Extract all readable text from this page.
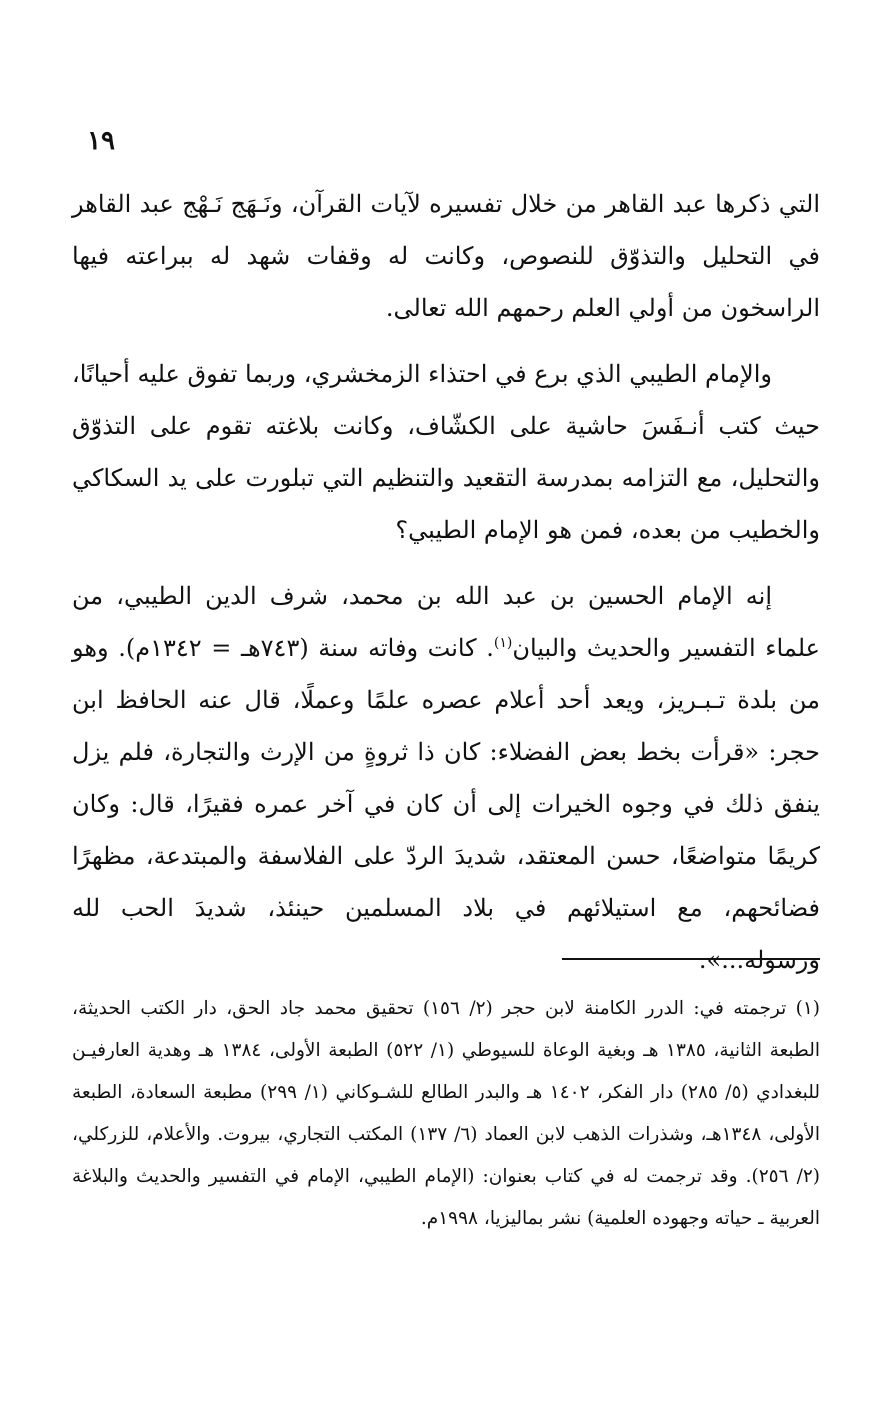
١٩

التي ذكرها عبد القاهر من خلال تفسيره لآيات القرآن، ونَـهَج نَـهْج عبد القاهر في التحليل والتذوّق للنصوص، وكانت له وقفات شهد له ببراعته فيها الراسخون من أولي العلم رحمهم الله تعالى.

والإمام الطيبي الذي برع في احتذاء الزمخشري، وربما تفوق عليه أحيانًا، حيث كتب أنـفَسَ حاشية على الكشّاف، وكانت بلاغته تقوم على التذوّق والتحليل، مع التزامه بمدرسة التقعيد والتنظيم التي تبلورت على يد السكاكي والخطيب من بعده، فمن هو الإمام الطيبي؟

إنه الإمام الحسين بن عبد الله بن محمد، شرف الدين الطيبي، من علماء التفسير والحديث والبيان$^{(١)}$. كانت وفاته سنة (٧٤٣هـ = ١٣٤٢م). وهو من بلدة تـبـريز، ويعد أحد أعلام عصره علمًا وعملًا، قال عنه الحافظ ابن حجر: «قرأت بخط بعض الفضلاء: كان ذا ثروةٍ من الإرث والتجارة، فلم يزل ينفق ذلك في وجوه الخيرات إلى أن كان في آخر عمره فقيرًا، قال: وكان كريمًا متواضعًا، حسن المعتقد، شديدَ الردّ على الفلاسفة والمبتدعة، مظهرًا فضائحهم، مع استيلائهم في بلاد المسلمين حينئذ، شديدَ الحب لله ورسوله...».

(١) ترجمته في: الدرر الكامنة لابن حجر (٢/ ١٥٦) تحقيق محمد جاد الحق، دار الكتب الحديثة، الطبعة الثانية، ١٣٨٥ هـ وبغية الوعاة للسيوطي (١/ ٥٢٢) الطبعة الأولى، ١٣٨٤ هـ وهدية العارفيـن للبغدادي (٥/ ٢٨٥) دار الفكر، ١٤٠٢ هـ والبدر الطالع للشـوكاني (١/ ٢٩٩) مطبعة السعادة، الطبعة الأولى، ١٣٤٨هـ، وشذرات الذهب لابن العماد (٦/ ١٣٧) المكتب التجاري، بيروت. والأعلام، للزركلي، (٢/ ٢٥٦). وقد ترجمت له في كتاب بعنوان: (الإمام الطيبي، الإمام في التفسير والحديث والبلاغة العربية ـ حياته وجهوده العلمية) نشر بماليزيا، ١٩٩٨م.
